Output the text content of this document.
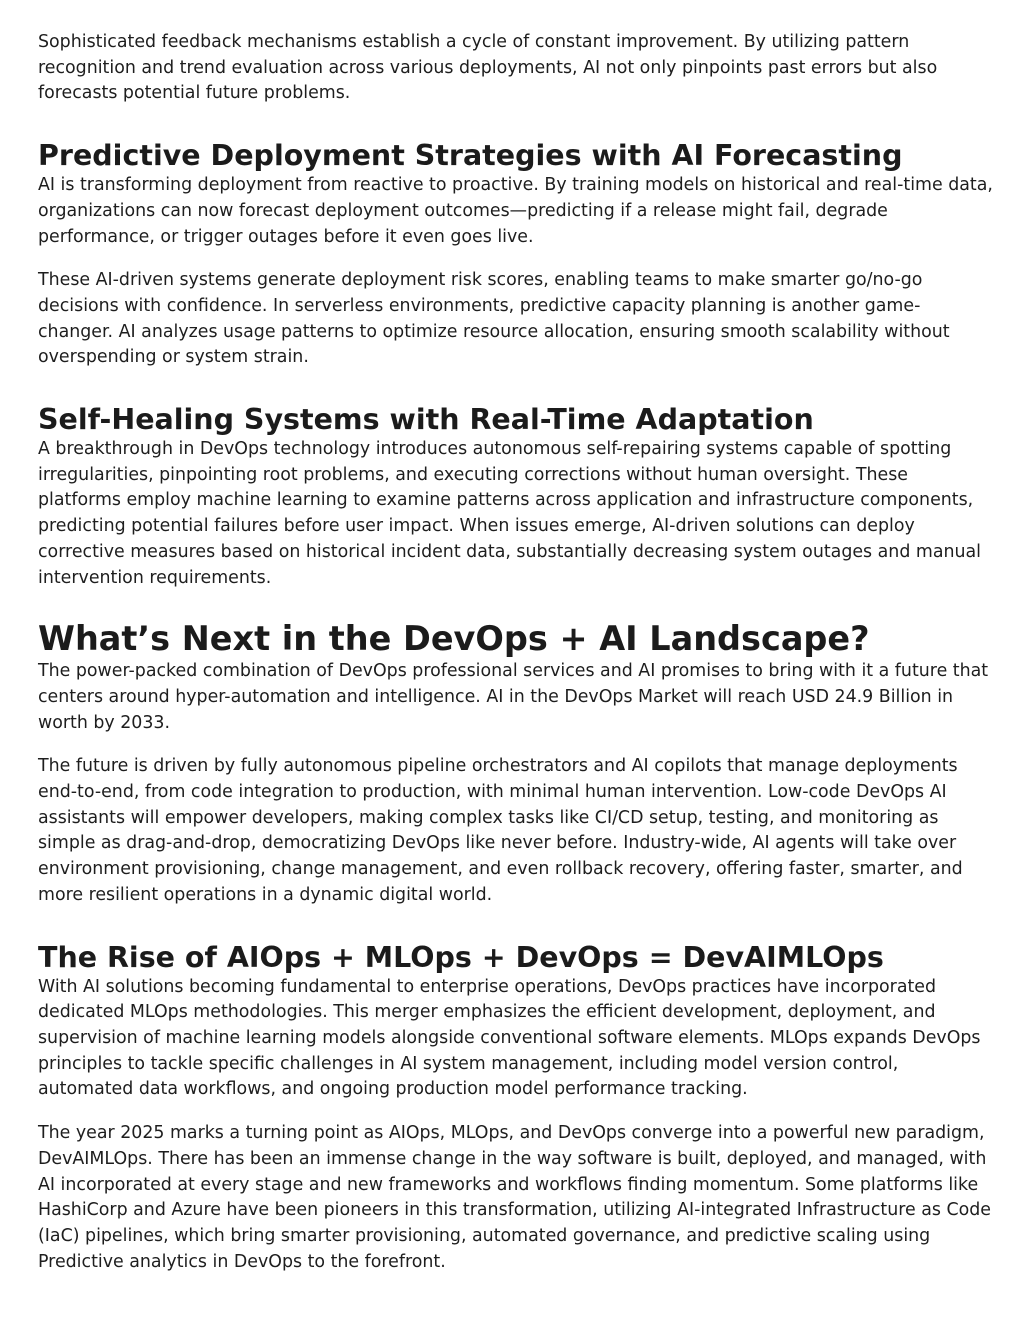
Sophisticated feedback mechanisms establish a cycle of constant improvement. By utilizing pattern recognition and trend evaluation across various deployments, AI not only pinpoints past errors but also forecasts potential future problems.

Predictive Deployment Strategies with AI Forecasting

AI is transforming deployment from reactive to proactive. By training models on historical and real-time data, organizations can now forecast deployment outcomes—predicting if a release might fail, degrade performance, or trigger outages before it even goes live.

These AI-driven systems generate deployment risk scores, enabling teams to make smarter go/no-go decisions with confidence. In serverless environments, predictive capacity planning is another game-changer. AI analyzes usage patterns to optimize resource allocation, ensuring smooth scalability without overspending or system strain.

Self-Healing Systems with Real-Time Adaptation

A breakthrough in DevOps technology introduces autonomous self-repairing systems capable of spotting irregularities, pinpointing root problems, and executing corrections without human oversight. These platforms employ machine learning to examine patterns across application and infrastructure components, predicting potential failures before user impact. When issues emerge, AI-driven solutions can deploy corrective measures based on historical incident data, substantially decreasing system outages and manual intervention requirements.

What’s Next in the DevOps + AI Landscape?

The power-packed combination of DevOps professional services and AI promises to bring with it a future that centers around hyper-automation and intelligence. AI in the DevOps Market will reach USD 24.9 Billion in worth by 2033.

The future is driven by fully autonomous pipeline orchestrators and AI copilots that manage deployments end-to-end, from code integration to production, with minimal human intervention. Low-code DevOps AI assistants will empower developers, making complex tasks like CI/CD setup, testing, and monitoring as simple as drag-and-drop, democratizing DevOps like never before. Industry-wide, AI agents will take over environment provisioning, change management, and even rollback recovery, offering faster, smarter, and more resilient operations in a dynamic digital world.

The Rise of AIOps + MLOps + DevOps = DevAIMLOps

With AI solutions becoming fundamental to enterprise operations, DevOps practices have incorporated dedicated MLOps methodologies. This merger emphasizes the efficient development, deployment, and supervision of machine learning models alongside conventional software elements. MLOps expands DevOps principles to tackle specific challenges in AI system management, including model version control, automated data workflows, and ongoing production model performance tracking.

The year 2025 marks a turning point as AIOps, MLOps, and DevOps converge into a powerful new paradigm, DevAIMLOps. There has been an immense change in the way software is built, deployed, and managed, with AI incorporated at every stage and new frameworks and workflows finding momentum. Some platforms like HashiCorp and Azure have been pioneers in this transformation, utilizing AI-integrated Infrastructure as Code (IaC) pipelines, which bring smarter provisioning, automated governance, and predictive scaling using Predictive analytics in DevOps to the forefront.
